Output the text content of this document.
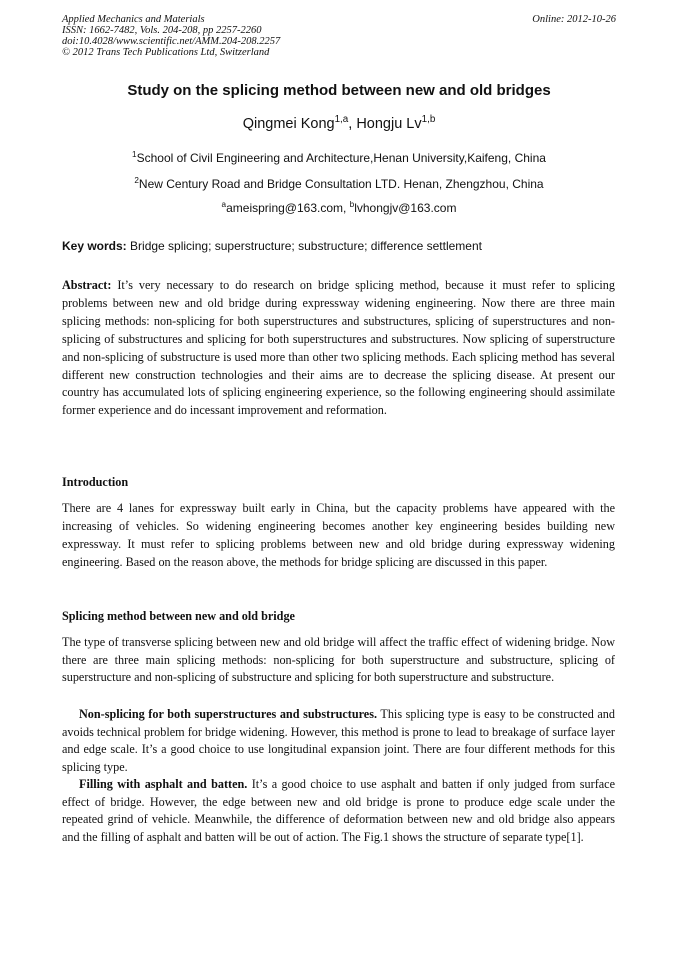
Applied Mechanics and Materials
ISSN: 1662-7482, Vols. 204-208, pp 2257-2260
doi:10.4028/www.scientific.net/AMM.204-208.2257
© 2012 Trans Tech Publications Ltd, Switzerland
Online: 2012-10-26
Study on the splicing method between new and old bridges
Qingmei Kong$^{1,a}$, Hongju Lv$^{1,b}$
$^1$School of Civil Engineering and Architecture,Henan University,Kaifeng, China
$^2$New Century Road and Bridge Consultation LTD. Henan, Zhengzhou, China
$^a$ameispring@163.com, $^b$lvhongjv@163.com
Key words: Bridge splicing; superstructure; substructure; difference settlement
Abstract: It’s very necessary to do research on bridge splicing method, because it must refer to splicing problems between new and old bridge during expressway widening engineering. Now there are three main splicing methods: non-splicing for both superstructures and substructures, splicing of superstructures and non-splicing of substructures and splicing for both superstructures and substructures. Now splicing of superstructure and non-splicing of substructure is used more than other two splicing methods. Each splicing method has several different new construction technologies and their aims are to decrease the splicing disease. At present our country has accumulated lots of splicing engineering experience, so the following engineering should assimilate former experience and do incessant improvement and reformation.
Introduction
There are 4 lanes for expressway built early in China, but the capacity problems have appeared with the increasing of vehicles. So widening engineering becomes another key engineering besides building new expressway. It must refer to splicing problems between new and old bridge during expressway widening engineering. Based on the reason above, the methods for bridge splicing are discussed in this paper.
Splicing method between new and old bridge
The type of transverse splicing between new and old bridge will affect the traffic effect of widening bridge. Now there are three main splicing methods: non-splicing for both superstructure and substructure, splicing of superstructure and non-splicing of substructure and splicing for both superstructure and substructure.
Non-splicing for both superstructures and substructures. This splicing type is easy to be constructed and avoids technical problem for bridge widening. However, this method is prone to lead to breakage of surface layer and edge scale. It’s a good choice to use longitudinal expansion joint. There are four different methods for this splicing type.
Filling with asphalt and batten. It’s a good choice to use asphalt and batten if only judged from surface effect of bridge. However, the edge between new and old bridge is prone to produce edge scale under the repeated grind of vehicle. Meanwhile, the difference of deformation between new and old bridge also appears and the filling of asphalt and batten will be out of action. The Fig.1 shows the structure of separate type[1].
